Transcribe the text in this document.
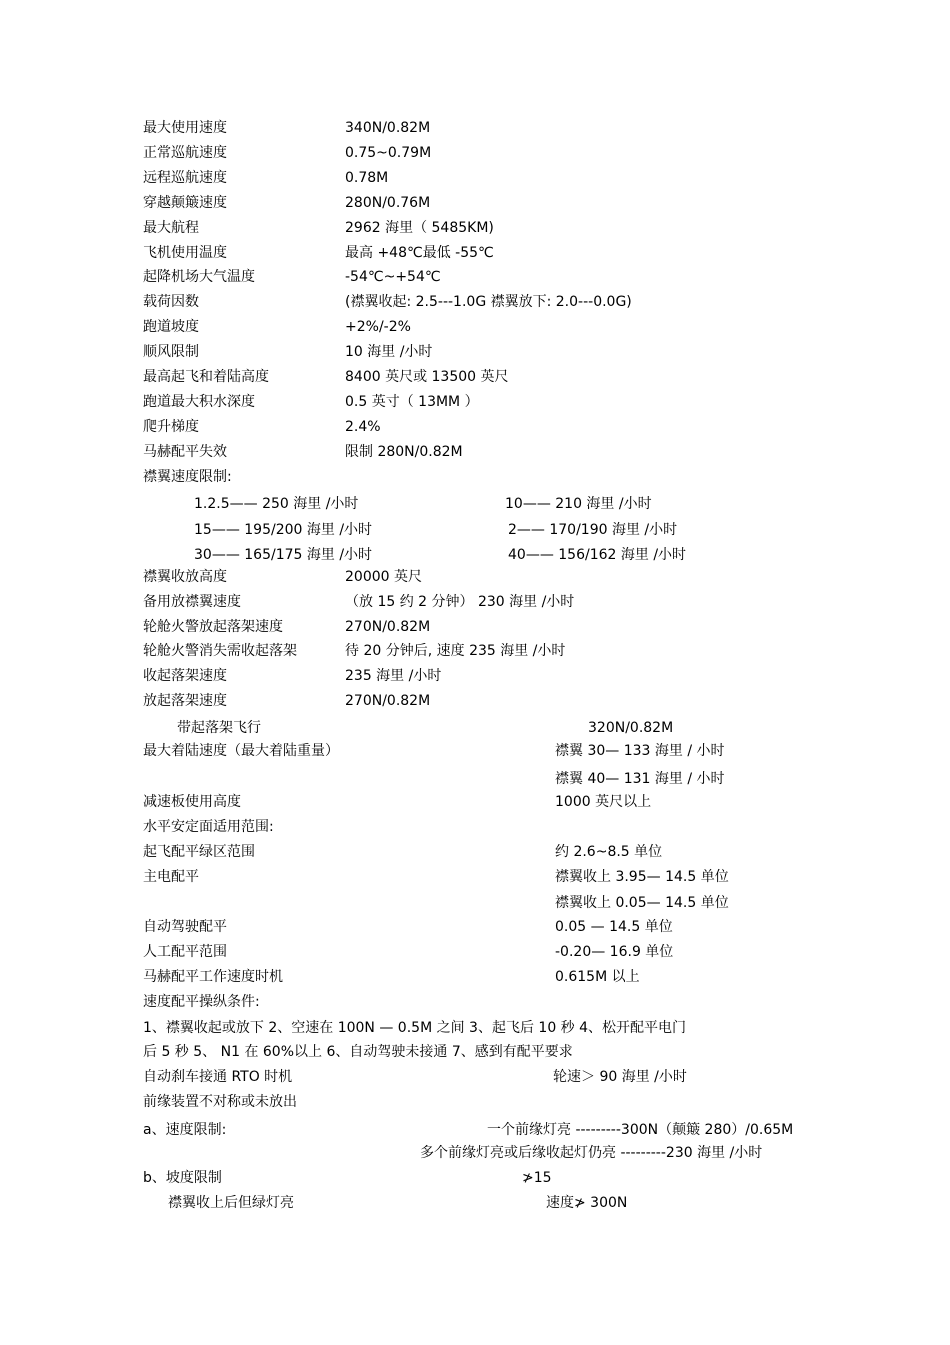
最大使用速度	340N/0.82M
正常巡航速度	0.75~0.79M
远程巡航速度	0.78M
穿越颠簸速度	280N/0.76M
最大航程	2962 海里（ 5485KM)
飞机使用温度	最高 +48℃最低 -55℃
起降机场大气温度	-54℃~+54℃
载荷因数	(襟翼收起: 2.5---1.0G 襟翼放下: 2.0---0.0G)
跑道坡度	+2%/-2%
顺风限制	10 海里 /小时
最高起飞和着陆高度	8400 英尺或 13500 英尺
跑道最大积水深度	0.5 英寸（ 13MM ）
爬升梯度	2.4%
马赫配平失效	限制 280N/0.82M
襟翼速度限制:
1.2.5—— 250 海里 /小时	10—— 210 海里 /小时
15—— 195/200 海里 /小时	2—— 170/190 海里 /小时
30—— 165/175 海里 /小时	40—— 156/162 海里 /小时
襟翼收放高度	20000 英尺
备用放襟翼速度	（放 15 约 2 分钟） 230 海里 /小时
轮舱火警放起落架速度	270N/0.82M
轮舱火警消失需收起落架	待 20 分钟后, 速度 235 海里 /小时
收起落架速度	235 海里 /小时
放起落架速度	270N/0.82M
带起落架飞行	320N/0.82M
最大着陆速度（最大着陆重量）	襟翼 30— 133 海里 / 小时
襟翼 40— 131 海里 / 小时
减速板使用高度	1000 英尺以上
水平安定面适用范围:
起飞配平绿区范围	约 2.6~8.5 单位
主电配平	襟翼收上 3.95— 14.5 单位
襟翼收上 0.05— 14.5 单位
自动驾驶配平	0.05 — 14.5 单位
人工配平范围	-0.20— 16.9 单位
马赫配平工作速度时机	0.615M 以上
速度配平操纵条件:
1、襟翼收起或放下 2、空速在 100N — 0.5M 之间 3、起飞后 10 秒 4、松开配平电门
后 5 秒 5、 N1 在 60%以上 6、自动驾驶未接通 7、感到有配平要求
自动刹车接通 RTO 时机	轮速＞ 90 海里 /小时
前缘装置不对称或未放出
a、速度限制:	一个前缘灯亮 ---------300N（颠簸 280）/0.65M
多个前缘灯亮或后缘收起灯仍亮 ---------230 海里 /小时
b、坡度限制	≯15
襟翼收上后但绿灯亮	速度≯ 300N
